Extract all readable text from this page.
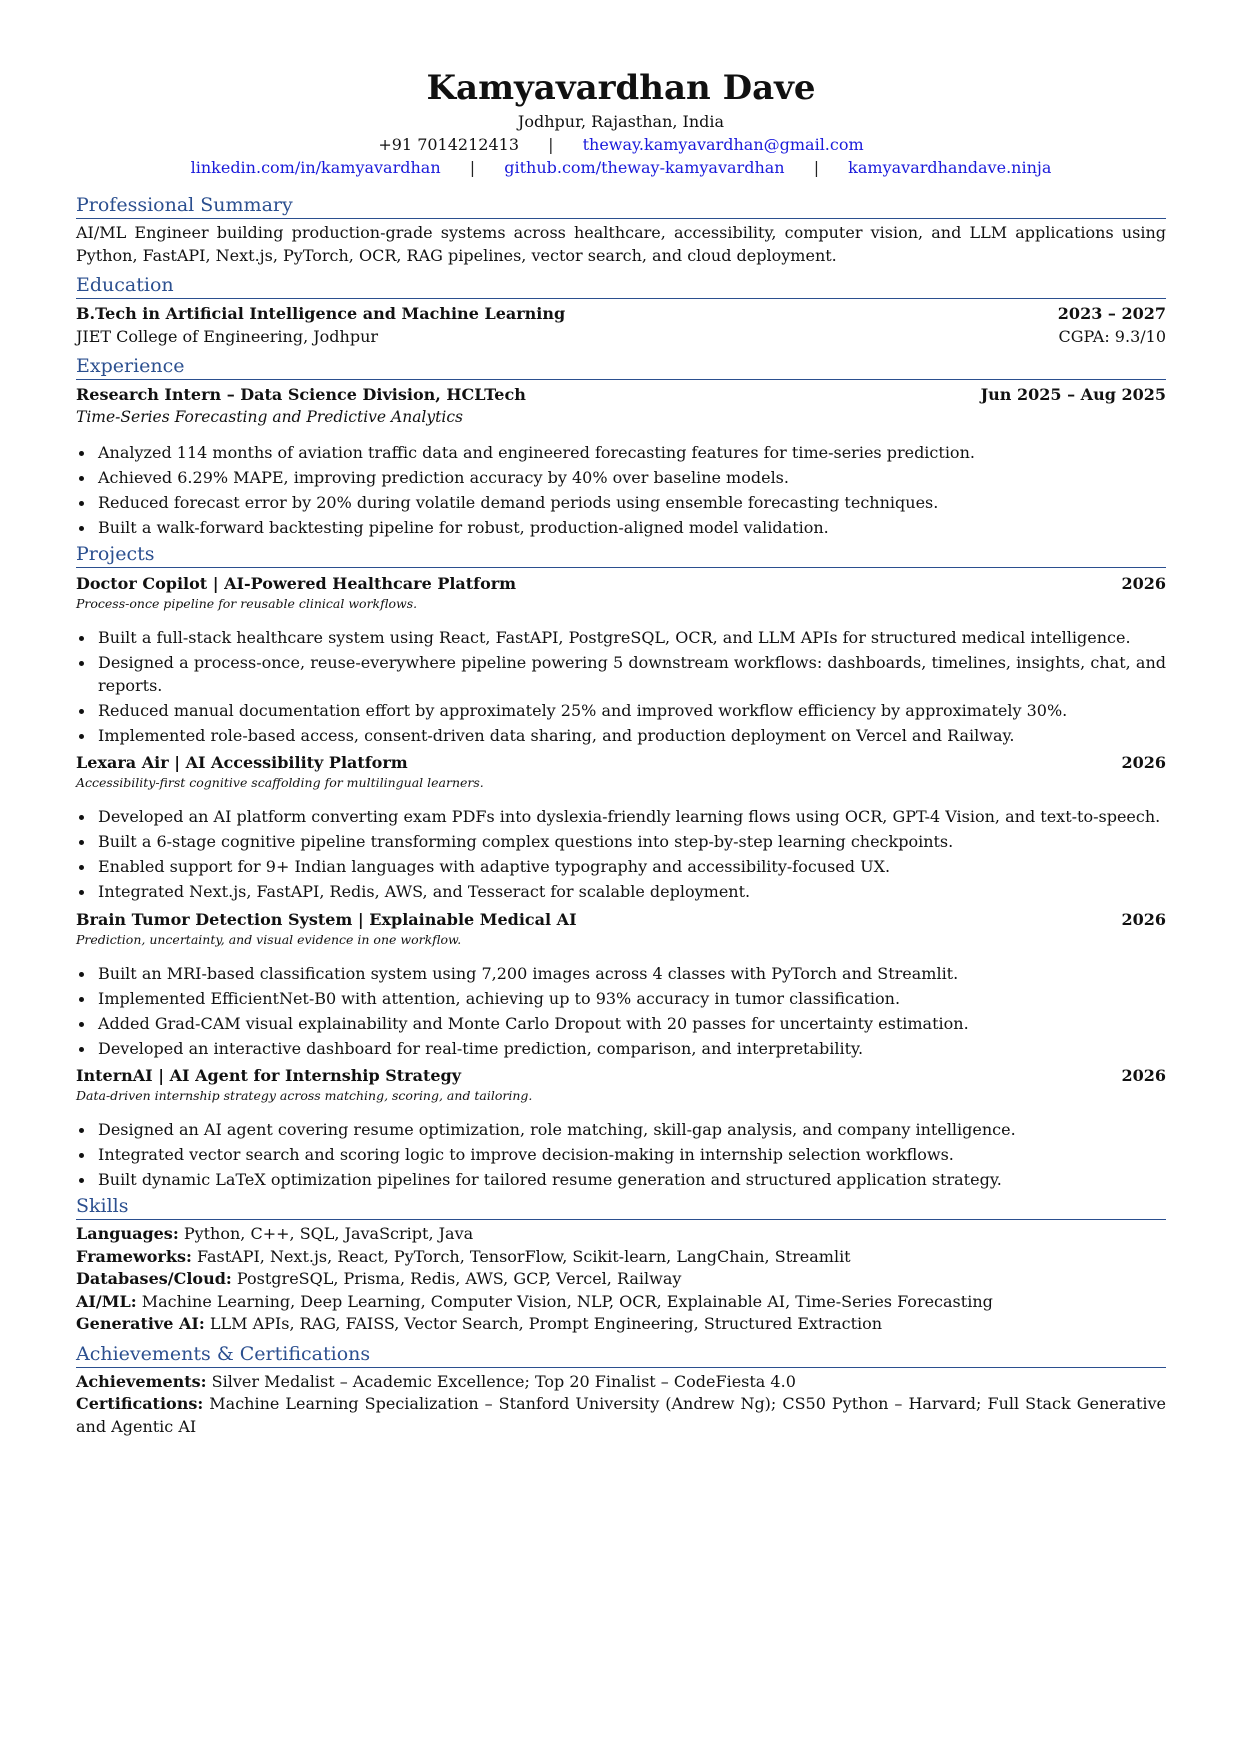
Kamyavardhan Dave
Jodhpur, Rajasthan, India
+91 7014212413 | theway.kamyavardhan@gmail.com
linkedin.com/in/kamyavardhan | github.com/theway-kamyavardhan | kamyavardhandave.ninja
Professional Summary
AI/ML Engineer building production-grade systems across healthcare, accessibility, computer vision, and LLM applications using Python, FastAPI, Next.js, PyTorch, OCR, RAG pipelines, vector search, and cloud deployment.
Education
B.Tech in Artificial Intelligence and Machine Learning	2023 – 2027
JIET College of Engineering, Jodhpur	CGPA: 9.3/10
Experience
Research Intern – Data Science Division, HCLTech	Jun 2025 – Aug 2025
Time-Series Forecasting and Predictive Analytics
Analyzed 114 months of aviation traffic data and engineered forecasting features for time-series prediction.
Achieved 6.29% MAPE, improving prediction accuracy by 40% over baseline models.
Reduced forecast error by 20% during volatile demand periods using ensemble forecasting techniques.
Built a walk-forward backtesting pipeline for robust, production-aligned model validation.
Projects
Doctor Copilot | AI-Powered Healthcare Platform	2026
Process-once pipeline for reusable clinical workflows.
Built a full-stack healthcare system using React, FastAPI, PostgreSQL, OCR, and LLM APIs for structured medical intelligence.
Designed a process-once, reuse-everywhere pipeline powering 5 downstream workflows: dashboards, timelines, insights, chat, and reports.
Reduced manual documentation effort by approximately 25% and improved workflow efficiency by approximately 30%.
Implemented role-based access, consent-driven data sharing, and production deployment on Vercel and Railway.
Lexara Air | AI Accessibility Platform	2026
Accessibility-first cognitive scaffolding for multilingual learners.
Developed an AI platform converting exam PDFs into dyslexia-friendly learning flows using OCR, GPT-4 Vision, and text-to-speech.
Built a 6-stage cognitive pipeline transforming complex questions into step-by-step learning checkpoints.
Enabled support for 9+ Indian languages with adaptive typography and accessibility-focused UX.
Integrated Next.js, FastAPI, Redis, AWS, and Tesseract for scalable deployment.
Brain Tumor Detection System | Explainable Medical AI	2026
Prediction, uncertainty, and visual evidence in one workflow.
Built an MRI-based classification system using 7,200 images across 4 classes with PyTorch and Streamlit.
Implemented EfficientNet-B0 with attention, achieving up to 93% accuracy in tumor classification.
Added Grad-CAM visual explainability and Monte Carlo Dropout with 20 passes for uncertainty estimation.
Developed an interactive dashboard for real-time prediction, comparison, and interpretability.
InternAI | AI Agent for Internship Strategy	2026
Data-driven internship strategy across matching, scoring, and tailoring.
Designed an AI agent covering resume optimization, role matching, skill-gap analysis, and company intelligence.
Integrated vector search and scoring logic to improve decision-making in internship selection workflows.
Built dynamic LaTeX optimization pipelines for tailored resume generation and structured application strategy.
Skills
Languages: Python, C++, SQL, JavaScript, Java
Frameworks: FastAPI, Next.js, React, PyTorch, TensorFlow, Scikit-learn, LangChain, Streamlit
Databases/Cloud: PostgreSQL, Prisma, Redis, AWS, GCP, Vercel, Railway
AI/ML: Machine Learning, Deep Learning, Computer Vision, NLP, OCR, Explainable AI, Time-Series Forecasting
Generative AI: LLM APIs, RAG, FAISS, Vector Search, Prompt Engineering, Structured Extraction
Achievements & Certifications
Achievements: Silver Medalist – Academic Excellence; Top 20 Finalist – CodeFiesta 4.0
Certifications: Machine Learning Specialization – Stanford University (Andrew Ng); CS50 Python – Harvard; Full Stack Generative and Agentic AI
